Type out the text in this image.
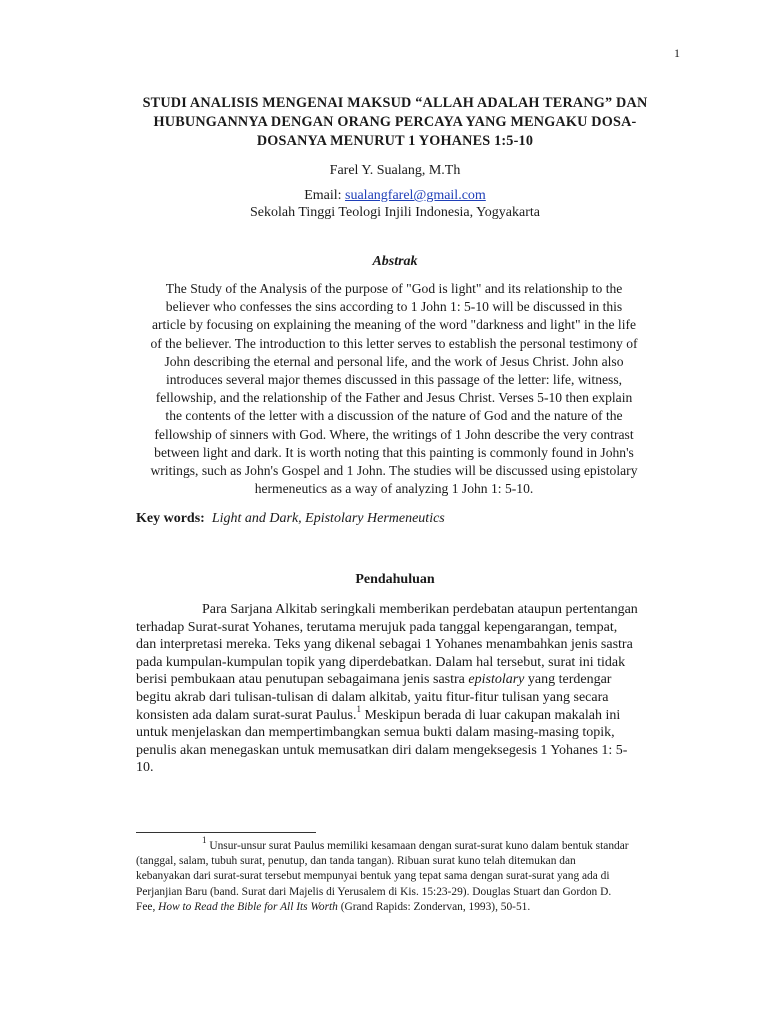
1
STUDI ANALISIS MENGENAI MAKSUD “ALLAH ADALAH TERANG” DAN
HUBUNGANNYA DENGAN ORANG PERCAYA YANG MENGAKU DOSA-
DOSANYA MENURUT 1 YOHANES 1:5-10
Farel Y. Sualang, M.Th
Email: sualangfarel@gmail.com
Sekolah Tinggi Teologi Injili Indonesia, Yogyakarta
Abstrak
The Study of the Analysis of the purpose of "God is light" and its relationship to the
believer who confesses the sins according to 1 John 1: 5-10 will be discussed in this
article by focusing on explaining the meaning of the word "darkness and light" in the life
of the believer. The introduction to this letter serves to establish the personal testimony of
John describing the eternal and personal life, and the work of Jesus Christ. John also
introduces several major themes discussed in this passage of the letter: life, witness,
fellowship, and the relationship of the Father and Jesus Christ. Verses 5-10 then explain
the contents of the letter with a discussion of the nature of God and the nature of the
fellowship of sinners with God. Where, the writings of 1 John describe the very contrast
between light and dark. It is worth noting that this painting is commonly found in John's
writings, such as John's Gospel and 1 John. The studies will be discussed using epistolary
hermeneutics as a way of analyzing 1 John 1: 5-10.
Key words: Light and Dark, Epistolary Hermeneutics
Pendahuluan
Para Sarjana Alkitab seringkali memberikan perdebatan ataupun pertentangan
terhadap Surat-surat Yohanes, terutama merujuk pada tanggal kepengarangan, tempat,
dan interpretasi mereka. Teks yang dikenal sebagai 1 Yohanes menambahkan jenis sastra
pada kumpulan-kumpulan topik yang diperdebatkan. Dalam hal tersebut, surat ini tidak
berisi pembukaan atau penutupan sebagaimana jenis sastra epistolary yang terdengar
begitu akrab dari tulisan-tulisan di dalam alkitab, yaitu fitur-fitur tulisan yang secara
konsisten ada dalam surat-surat Paulus.$^1$ Meskipun berada di luar cakupan makalah ini
untuk menjelaskan dan mempertimbangkan semua bukti dalam masing-masing topik,
penulis akan menegaskan untuk memusatkan diri dalam mengeksegesis 1 Yohanes 1: 5-
10.
$^1$ Unsur-unsur surat Paulus memiliki kesamaan dengan surat-surat kuno dalam bentuk standar
(tanggal, salam, tubuh surat, penutup, dan tanda tangan). Ribuan surat kuno telah ditemukan dan
kebanyakan dari surat-surat tersebut mempunyai bentuk yang tepat sama dengan surat-surat yang ada di
Perjanjian Baru (band. Surat dari Majelis di Yerusalem di Kis. 15:23-29). Douglas Stuart dan Gordon D.
Fee, How to Read the Bible for All Its Worth (Grand Rapids: Zondervan, 1993), 50-51.
